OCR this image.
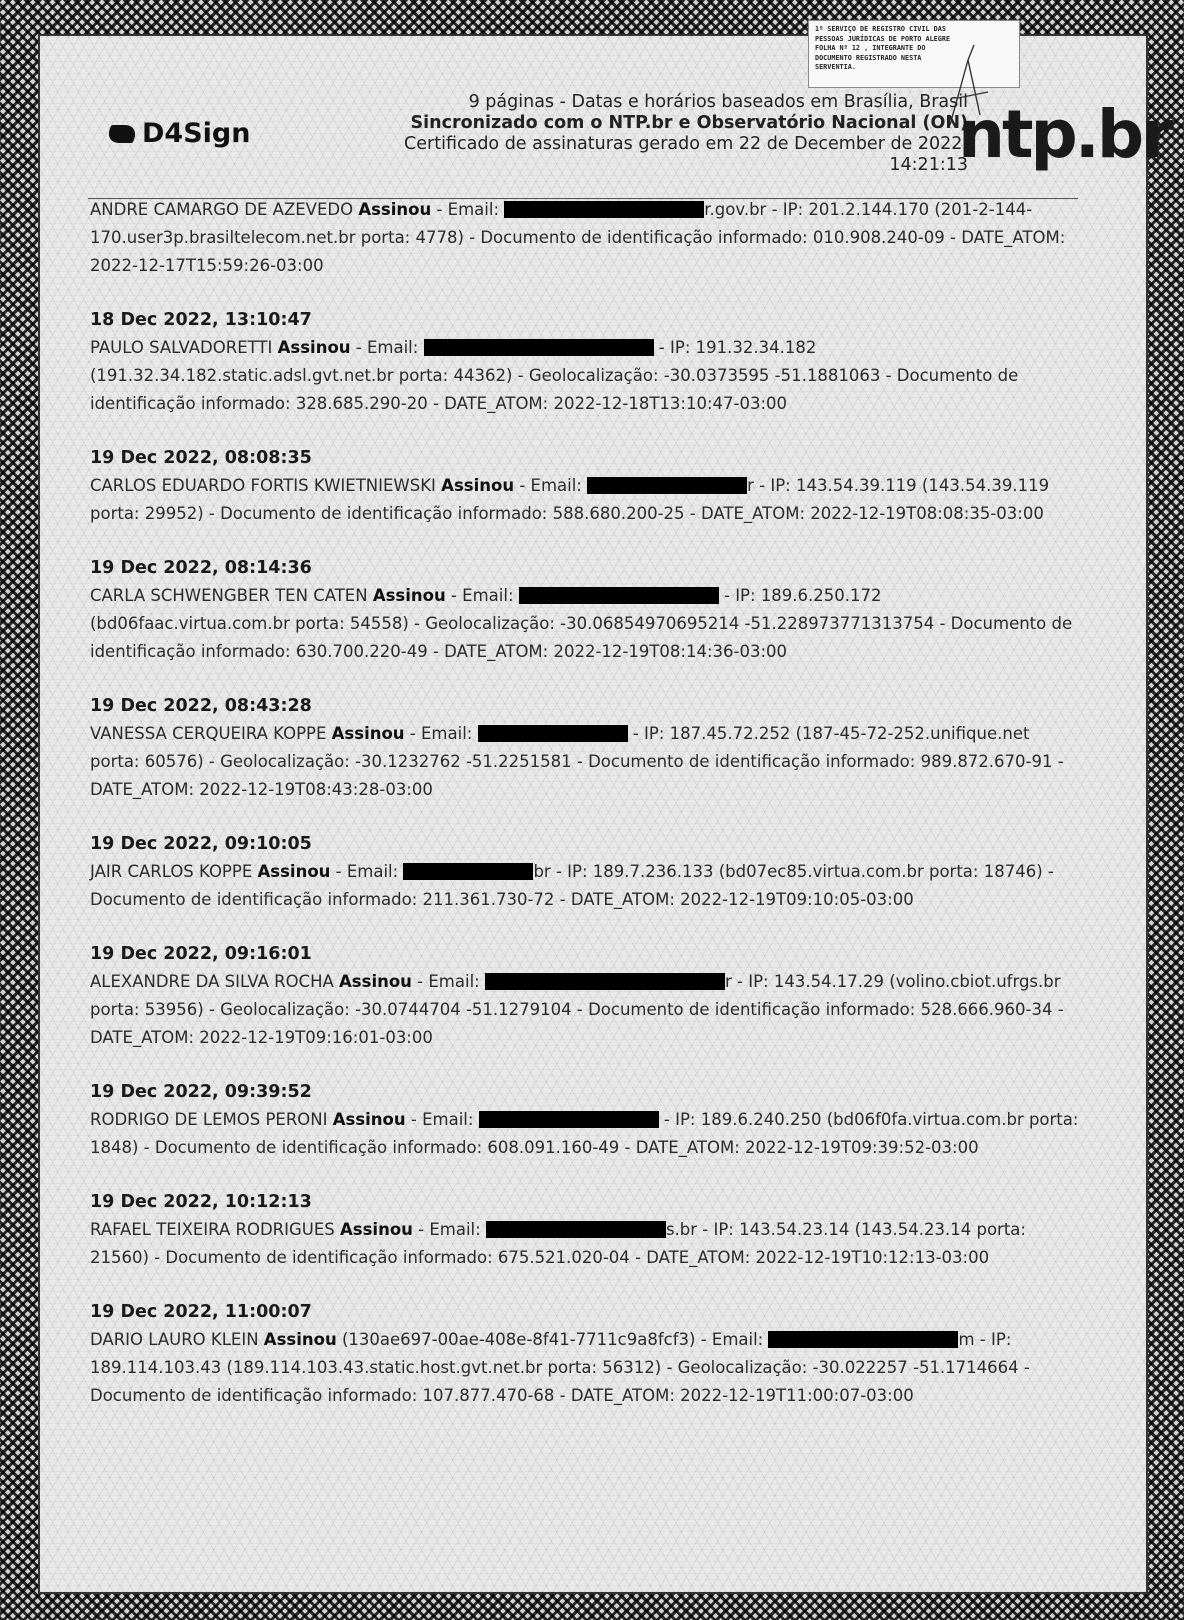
1º SERVIÇO DE REGISTRO CIVIL DAS
PESSOAS JURÍDICAS DE PORTO ALEGRE
FOLHA Nº 12 , INTEGRANTE DO
DOCUMENTO REGISTRADO NESTA
SERVENTIA.
D4Sign
9 páginas - Datas e horários baseados em Brasília, Brasil
Sincronizado com o NTP.br e Observatório Nacional (ON)
Certificado de assinaturas gerado em 22 de December de 2022,
14:21:13
ntp.br
ANDRE CAMARGO DE AZEVEDO Assinou - Email:	r.gov.br - IP: 201.2.144.170 (201-2-144-170.user3p.brasiltelecom.net.br porta: 4778) - Documento de identificação informado: 010.908.240-09 - DATE_ATOM: 2022-12-17T15:59:26-03:00
18 Dec 2022, 13:10:47
PAULO SALVADORETTI Assinou - Email:	- IP: 191.32.34.182 (191.32.34.182.static.adsl.gvt.net.br porta: 44362) - Geolocalização: -30.0373595 -51.1881063 - Documento de identificação informado: 328.685.290-20 - DATE_ATOM: 2022-12-18T13:10:47-03:00
19 Dec 2022, 08:08:35
CARLOS EDUARDO FORTIS KWIETNIEWSKI Assinou - Email:	r - IP: 143.54.39.119 (143.54.39.119 porta: 29952) - Documento de identificação informado: 588.680.200-25 - DATE_ATOM: 2022-12-19T08:08:35-03:00
19 Dec 2022, 08:14:36
CARLA SCHWENGBER TEN CATEN Assinou - Email:	- IP: 189.6.250.172 (bd06faac.virtua.com.br porta: 54558) - Geolocalização: -30.06854970695214 -51.228973771313754 - Documento de identificação informado: 630.700.220-49 - DATE_ATOM: 2022-12-19T08:14:36-03:00
19 Dec 2022, 08:43:28
VANESSA CERQUEIRA KOPPE Assinou - Email:	- IP: 187.45.72.252 (187-45-72-252.unifique.net porta: 60576) - Geolocalização: -30.1232762 -51.2251581 - Documento de identificação informado: 989.872.670-91 - DATE_ATOM: 2022-12-19T08:43:28-03:00
19 Dec 2022, 09:10:05
JAIR CARLOS KOPPE Assinou - Email:	br - IP: 189.7.236.133 (bd07ec85.virtua.com.br porta: 18746) - Documento de identificação informado: 211.361.730-72 - DATE_ATOM: 2022-12-19T09:10:05-03:00
19 Dec 2022, 09:16:01
ALEXANDRE DA SILVA ROCHA Assinou - Email:	r - IP: 143.54.17.29 (volino.cbiot.ufrgs.br porta: 53956) - Geolocalização: -30.0744704 -51.1279104 - Documento de identificação informado: 528.666.960-34 - DATE_ATOM: 2022-12-19T09:16:01-03:00
19 Dec 2022, 09:39:52
RODRIGO DE LEMOS PERONI Assinou - Email:	- IP: 189.6.240.250 (bd06f0fa.virtua.com.br porta: 1848) - Documento de identificação informado: 608.091.160-49 - DATE_ATOM: 2022-12-19T09:39:52-03:00
19 Dec 2022, 10:12:13
RAFAEL TEIXEIRA RODRIGUES Assinou - Email:	s.br - IP: 143.54.23.14 (143.54.23.14 porta: 21560) - Documento de identificação informado: 675.521.020-04 - DATE_ATOM: 2022-12-19T10:12:13-03:00
19 Dec 2022, 11:00:07
DARIO LAURO KLEIN Assinou (130ae697-00ae-408e-8f41-7711c9a8fcf3) - Email:	m - IP: 189.114.103.43 (189.114.103.43.static.host.gvt.net.br porta: 56312) - Geolocalização: -30.022257 -51.1714664 - Documento de identificação informado: 107.877.470-68 - DATE_ATOM: 2022-12-19T11:00:07-03:00
